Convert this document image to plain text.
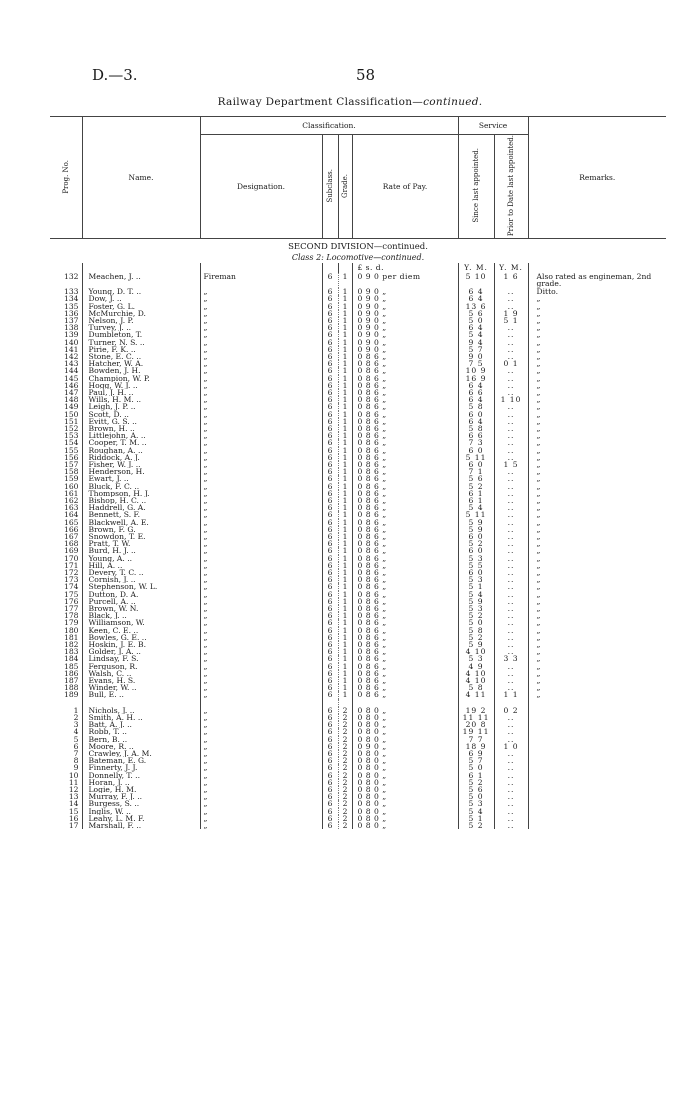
D.—3.	58
Railway Department Classification—continued.
Prog. No.	Name.	Classification.				Service		Remarks.
		Designation.	Subclass.	Grade.	Rate of Pay.	Since last appointed.	Prior to Date last appointed.	

SECOND DIVISION—continued.								
Class 2: Locomotive—continued.								
					£ s. d.	Y. M.	Y. M.	
132	Meachen, J. ..	Fireman	6	1	0 9 0 per diem	5 10	1 6	Also rated as engineman, 2nd grade.
133	Young, D. T. ..	„	6	1	0 9 0 „	6 4	..	Ditto.
134	Dow, J. ..	„	6	1	0 9 0 „	6 4	..	„
135	Foster, G. L.	„	6	1	0 9 0 „	13 6	..	„
136	McMurchie, D.	„	6	1	0 9 0 „	5 6	1 9	„
137	Nelson, J. P.	„	6	1	0 9 0 „	5 0	5 1	„
138	Turvey, J. ..	„	6	1	0 9 0 „	6 4	..	„
139	Dumbleton, T.	„	6	1	0 9 0 „	5 4	..	„
140	Turner, N. S. ..	„	6	1	0 9 0 „	9 4	..	„
141	Pirie, F. K. ..	„	6	1	0 9 0 „	5 7	..	„
142	Stone, E. C. ..	„	6	1	0 8 6 „	9 0	..	„
143	Hatcher, W. A.	„	6	1	0 8 6 „	7 5	0 1	„
144	Bowden, J. H.	„	6	1	0 8 6 „	10 9	..	„
145	Champion, W. P.	„	6	1	0 8 6 „	16 9	..	„
146	Hogg, W. J. ..	„	6	1	0 8 6 „	6 4	..	„
147	Paul, J. H. ..	„	6	1	0 8 6 „	6 6	..	„
148	Wills, H. M. ..	„	6	1	0 8 6 „	6 4	1 10	„
149	Leigh, J. P. ..	„	6	1	0 8 6 „	5 8	..	„
150	Scott, D. ..	„	6	1	0 8 6 „	6 0	..	„
151	Evitt, G. S. ..	„	6	1	0 8 6 „	6 4	..	„
152	Brown, H. ..	„	6	1	0 8 6 „	5 8	..	„
153	Littlejohn, A. ..	„	6	1	0 8 6 „	6 6	..	„
154	Cooper, T. M. ..	„	6	1	0 8 6 „	7 3	..	„
155	Roughan, A. ..	„	6	1	0 8 6 „	6 0	..	„
156	Riddock, A. J.	„	6	1	0 8 6 „	5 11	..	„
157	Fisher, W. J. ..	„	6	1	0 8 6 „	6 0	1 5	„
158	Henderson, H.	„	6	1	0 8 6 „	7 1	..	„
159	Ewart, J. ..	„	6	1	0 8 6 „	5 6	..	„
160	Bluck, F. C. ..	„	6	1	0 8 6 „	5 2	..	„
161	Thompson, H. J.	„	6	1	0 8 6 „	6 1	..	„
162	Bishop, H. C. ..	„	6	1	0 8 6 „	6 1	..	„
163	Haddrell, G. A.	„	6	1	0 8 6 „	5 4	..	„
164	Bennett, S. F.	„	6	1	0 8 6 „	5 11	..	„
165	Blackwell, A. E.	„	6	1	0 8 6 „	5 9	..	„
166	Brown, F. G.	„	6	1	0 8 6 „	5 9	..	„
167	Snowdon, T. E.	„	6	1	0 8 6 „	6 0	..	„
168	Pratt, T. W.	„	6	1	0 8 6 „	5 2	..	„
169	Burd, H. J. ..	„	6	1	0 8 6 „	6 0	..	„
170	Young, A. ..	„	6	1	0 8 6 „	5 3	..	„
171	Hill, A. ..	„	6	1	0 8 6 „	5 5	..	„
172	Devery, T. C. ..	„	6	1	0 8 6 „	6 0	..	„
173	Cornish, J. ..	„	6	1	0 8 6 „	5 3	..	„
174	Stephenson, W. L.	„	6	1	0 8 6 „	5 1	..	„
175	Dutton, D. A.	„	6	1	0 8 6 „	5 4	..	„
176	Purcell, A. ..	„	6	1	0 8 6 „	5 9	..	„
177	Brown, W. N.	„	6	1	0 8 6 „	5 3	..	„
178	Black, J. ..	„	6	1	0 8 6 „	5 2	..	„
179	Williamson, W.	„	6	1	0 8 6 „	5 0	..	„
180	Keen, C. E. ..	„	6	1	0 8 6 „	5 8	..	„
181	Bowles, G. E. ..	„	6	1	0 8 6 „	5 2	..	„
182	Hoskin, J. E. B.	„	6	1	0 8 6 „	5 9	..	„
183	Golder, J. A. ..	„	6	1	0 8 6 „	4 10	..	„
184	Lindsay, F. S.	„	6	1	0 8 6 „	5 3	3 3	„
185	Ferguson, R.	„	6	1	0 8 6 „	4 9	..	„
186	Walsh, C. ..	„	6	1	0 8 6 „	4 10	..	„
187	Evans, H. S.	„	6	1	0 8 6 „	4 10	..	„
188	Winder, W. ..	„	6	1	0 8 6 „	5 8	..	„
189	Bull, E. ..	„	6	1	0 8 6 „	4 11	1 1	„

1	Nichols, J. ..	„	6	2	0 8 0 „	19 2	0 2	
2	Smith, A. H. ..	„	6	2	0 8 0 „	11 11	..	
3	Batt, A. J. ..	„	6	2	0 8 0 „	20 8	..	
4	Robb, T. ..	„	6	2	0 8 0 „	19 11	..	
5	Bern, B. ..	„	6	2	0 8 0 „	7 7	..	
6	Moore, R. ..	„	6	2	0 9 0 „	18 9	1 0	
7	Crawley, J. A. M.	„	6	2	0 8 0 „	6 9	..	
8	Bateman, E. G.	„	6	2	0 8 0 „	5 7	..	
9	Finnerty, J. J.	„	6	2	0 8 0 „	5 0	..	
10	Donnelly, T. ..	„	6	2	0 8 0 „	6 1	..	
11	Horan, J. ..	„	6	2	0 8 0 „	5 2	..	
12	Logie, H. M.	„	6	2	0 8 0 „	5 6	..	
13	Murray, F. J. ..	„	6	2	0 8 0 „	5 0	..	
14	Burgess, S. ..	„	6	2	0 8 0 „	5 3	..	
15	Inglis, W. ..	„	6	2	0 8 0 „	5 4	..	
16	Leahy, L. M. F.	„	6	2	0 8 0 „	5 1	..	
17	Marshall, F. ..	„	6	2	0 8 0 „	5 2	..	
